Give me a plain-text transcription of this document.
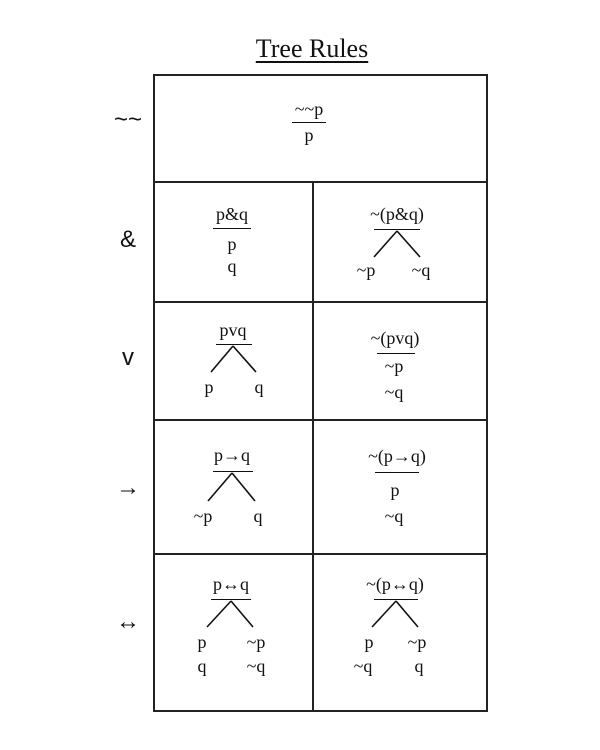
Tree Rules
~~
&
v
→
↔
~~p
p
p&q
p
q
~(p&q)
~p ~q
pvq
p q
~(pvq)
~p
~q
p→q
~p q
~(p→q)
p
~q
p↔q
p
q
~p
~q
~(p↔q)
p
~q
~p
q
